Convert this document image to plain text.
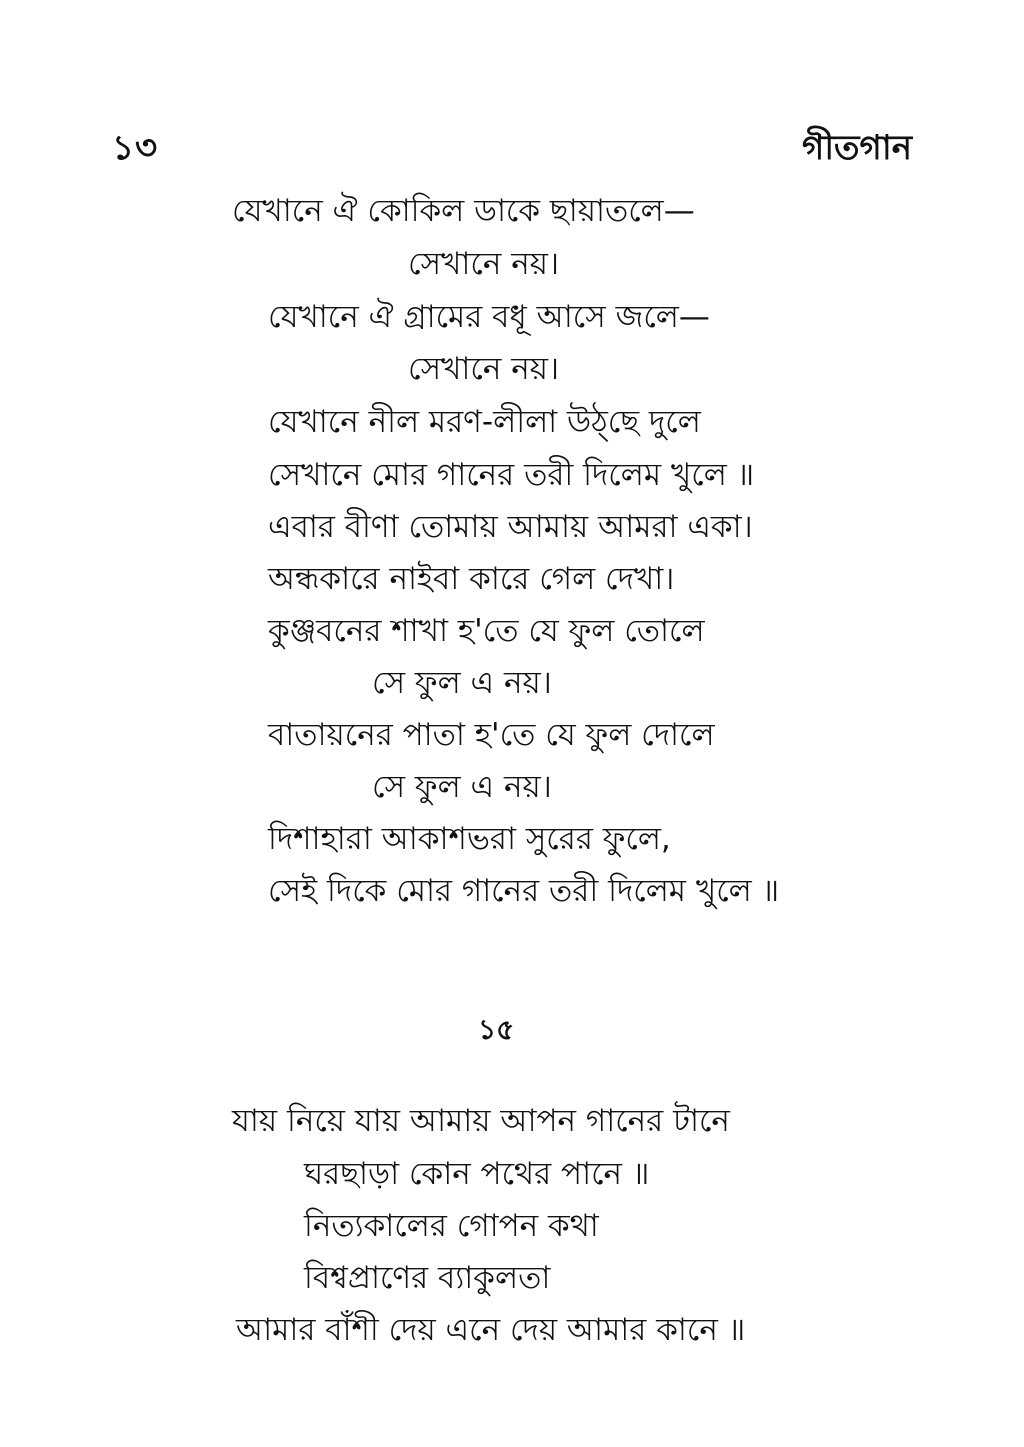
১৩	গীতগান
যেখানে ঐ কোকিল ডাকে ছায়াতলে—
সেখানে নয়।
যেখানে ঐ গ্রামের বধূ আসে জলে—
সেখানে নয়।
যেখানে নীল মরণ-লীলা উঠ্‌ছে দুলে
সেখানে মোর গানের তরী দিলেম খুলে ॥
এবার বীণা তোমায় আমায় আমরা একা।
অন্ধকারে নাইবা কারে গেল দেখা।
কুঞ্জবনের শাখা হ'তে যে ফুল তোলে
সে ফুল এ নয়।
বাতায়নের পাতা হ'তে যে ফুল দোলে
সে ফুল এ নয়।
দিশাহারা আকাশভরা সুরের ফুলে,
সেই দিকে মোর গানের তরী দিলেম খুলে ॥
১৫
যায় নিয়ে যায় আমায় আপন গানের টানে
ঘরছাড়া কোন পথের পানে ॥
নিত্যকালের গোপন কথা
বিশ্বপ্রাণের ব্যাকুলতা
আমার বাঁশী দেয় এনে দেয় আমার কানে ॥
